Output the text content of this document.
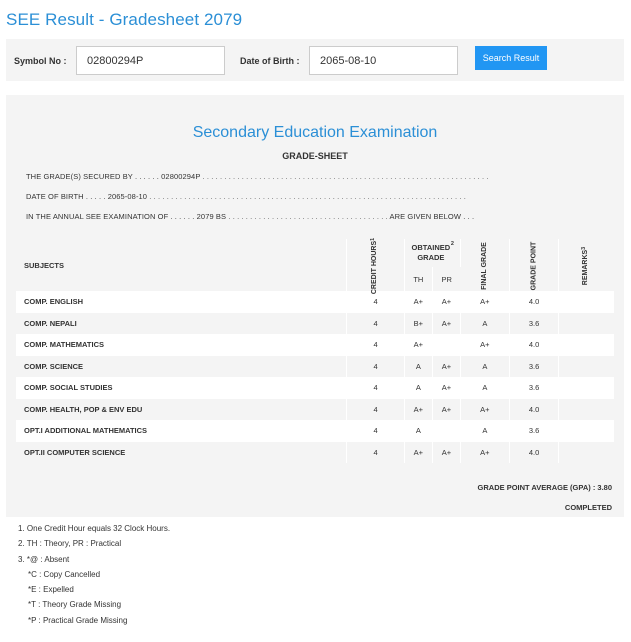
SEE Result - Gradesheet 2079
Symbol No :
02800294P	Date of Birth :
2065-08-10	Search Result
Secondary Education Examination
GRADE-SHEET
THE GRADE(S) SECURED BY . . . . . . 02800294P . . . . . . . . . . . . . . . . . . . . . . . . . . . . . . . . . . . . . . . . . . . . . . . . . . . . . . . . . . . . . . . . . .
DATE OF BIRTH . . . . . 2065-08-10 . . . . . . . . . . . . . . . . . . . . . . . . . . . . . . . . . . . . . . . . . . . . . . . . . . . . . . . . . . . . . . . . . . . . . . . . .
IN THE ANNUAL SEE EXAMINATION OF . . . . . . 2079 BS . . . . . . . . . . . . . . . . . . . . . . . . . . . . . . . . . . . . . ARE GIVEN BELOW . . .
SUBJECTS	CREDIT HOURS$^1$	OBTAINED GRADE$^2$		FINAL GRADE	GRADE POINT	REMARKS$^3$
		TH	PR			
COMP. ENGLISH	4	A+	A+	A+	4.0	
COMP. NEPALI	4	B+	A+	A	3.6	
COMP. MATHEMATICS	4	A+		A+	4.0	
COMP. SCIENCE	4	A	A+	A	3.6	
COMP. SOCIAL STUDIES	4	A	A+	A	3.6	
COMP. HEALTH, POP & ENV EDU	4	A+	A+	A+	4.0	
OPT.I ADDITIONAL MATHEMATICS	4	A		A	3.6	
OPT.II COMPUTER SCIENCE	4	A+	A+	A+	4.0	
GRADE POINT AVERAGE (GPA) : 3.80
COMPLETED
1. One Credit Hour equals 32 Clock Hours.
2. TH : Theory, PR : Practical
3. *@ : Absent
*C : Copy Cancelled
*E : Expelled
*T : Theory Grade Missing
*P : Practical Grade Missing
